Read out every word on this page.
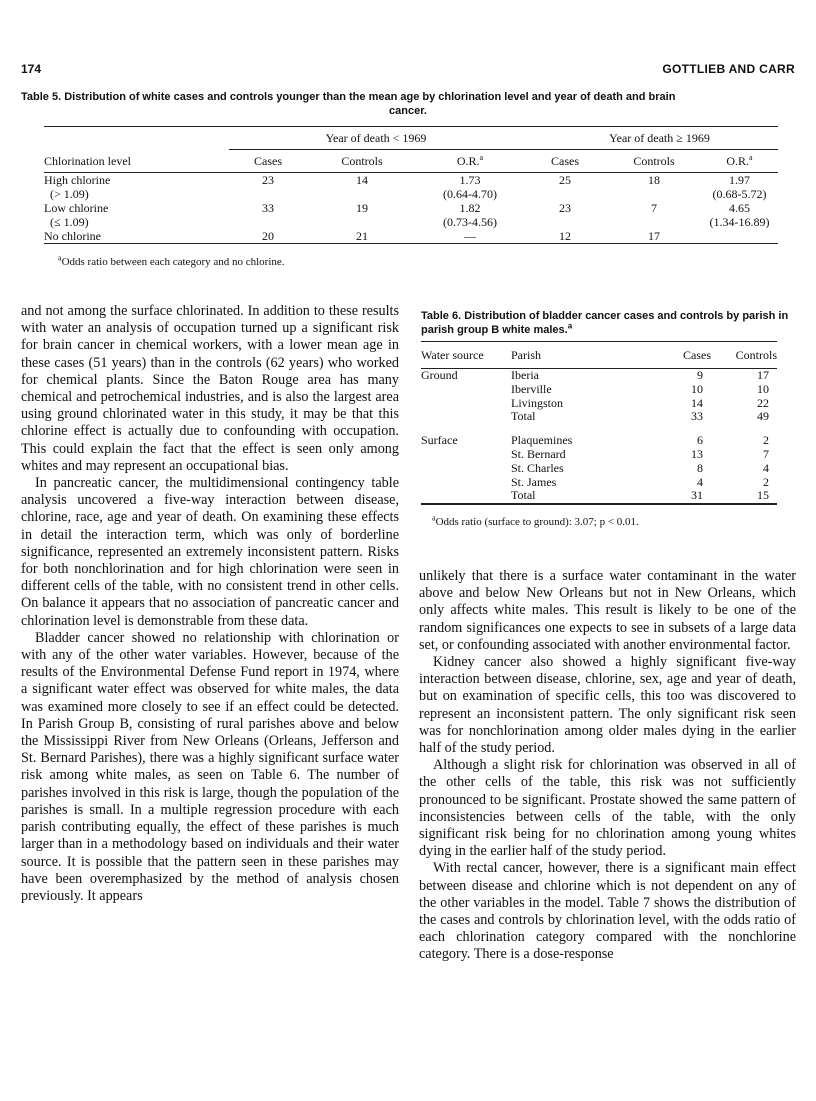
174	GOTTLIEB AND CARR
Table 5. Distribution of white cases and controls younger than the mean age by chlorination level and year of death and brain
cancer.

	Year of death < 1969			Year of death ≥ 1969		
Chlorination level	Cases	Controls	O.R.$^a$	Cases	Controls	O.R.$^a$
High chlorine	23	14	1.73	25	18	1.97
(> 1.09)			(0.64-4.70)			(0.68-5.72)
Low chlorine	33	19	1.82	23	7	4.65
(≤ 1.09)			(0.73-4.56)			(1.34-16.89)
No chlorine	20	21	—	12	17	
$^a$Odds ratio between each category and no chlorine.

and not among the surface chlorinated. In addition to these results with water an analysis of occupation turned up a significant risk for brain cancer in chemical workers, with a lower mean age in these cases (51 years) than in the controls (62 years) who worked for chemical plants. Since the Baton Rouge area has many chemical and petrochemical industries, and is also the largest area using ground chlorinated water in this study, it may be that this chlorine effect is actually due to confounding with occupation. This could explain the fact that the effect is seen only among whites and may represent an occupational bias.

In pancreatic cancer, the multidimensional contingency table analysis uncovered a five-way interaction between disease, chlorine, race, age and year of death. On examining these effects in detail the interaction term, which was only of borderline significance, represented an extremely inconsistent pattern. Risks for both nonchlorination and for high chlorination were seen in different cells of the table, with no consistent trend in other cells. On balance it appears that no association of pancreatic cancer and chlorination level is demonstrable from these data.

Bladder cancer showed no relationship with chlorination or with any of the other water variables. However, because of the results of the Environmental Defense Fund report in 1974, where a significant water effect was observed for white males, the data was examined more closely to see if an effect could be detected. In Parish Group B, consisting of rural parishes above and below the Mississippi River from New Orleans (Orleans, Jefferson and St. Bernard Parishes), there was a highly significant surface water risk among white males, as seen on Table 6. The number of parishes involved in this risk is large, though the population of the parishes is small. In a multiple regression procedure with each parish contributing equally, the effect of these parishes is much larger than in a methodology based on individuals and their water source. It is possible that the pattern seen in these parishes may have been overemphasized by the method of analysis chosen previously. It appears

Table 6. Distribution of bladder cancer cases and controls by parish in parish group B white males.$^a$

Water source	Parish	Cases	Controls
Ground	Iberia	9	17
	Iberville	10	10
	Livingston	14	22
	Total	33	49

Surface	Plaquemines	6	2
	St. Bernard	13	7
	St. Charles	8	4
	St. James	4	2
	Total	31	15

$^a$Odds ratio (surface to ground): 3.07; p < 0.01.

unlikely that there is a surface water contaminant in the water above and below New Orleans but not in New Orleans, which only affects white males. This result is likely to be one of the random significances one expects to see in subsets of a large data set, or confounding associated with another environmental factor.

Kidney cancer also showed a highly significant five-way interaction between disease, chlorine, sex, age and year of death, but on examination of specific cells, this too was discovered to represent an inconsistent pattern. The only significant risk seen was for nonchlorination among older males dying in the earlier half of the study period.

Although a slight risk for chlorination was observed in all of the other cells of the table, this risk was not sufficiently pronounced to be significant. Prostate showed the same pattern of inconsistencies between cells of the table, with the only significant risk being for no chlorination among young whites dying in the earlier half of the study period.

With rectal cancer, however, there is a significant main effect between disease and chlorine which is not dependent on any of the other variables in the model. Table 7 shows the distribution of the cases and controls by chlorination level, with the odds ratio of each chlorination category compared with the nonchlorine category. There is a dose-response
